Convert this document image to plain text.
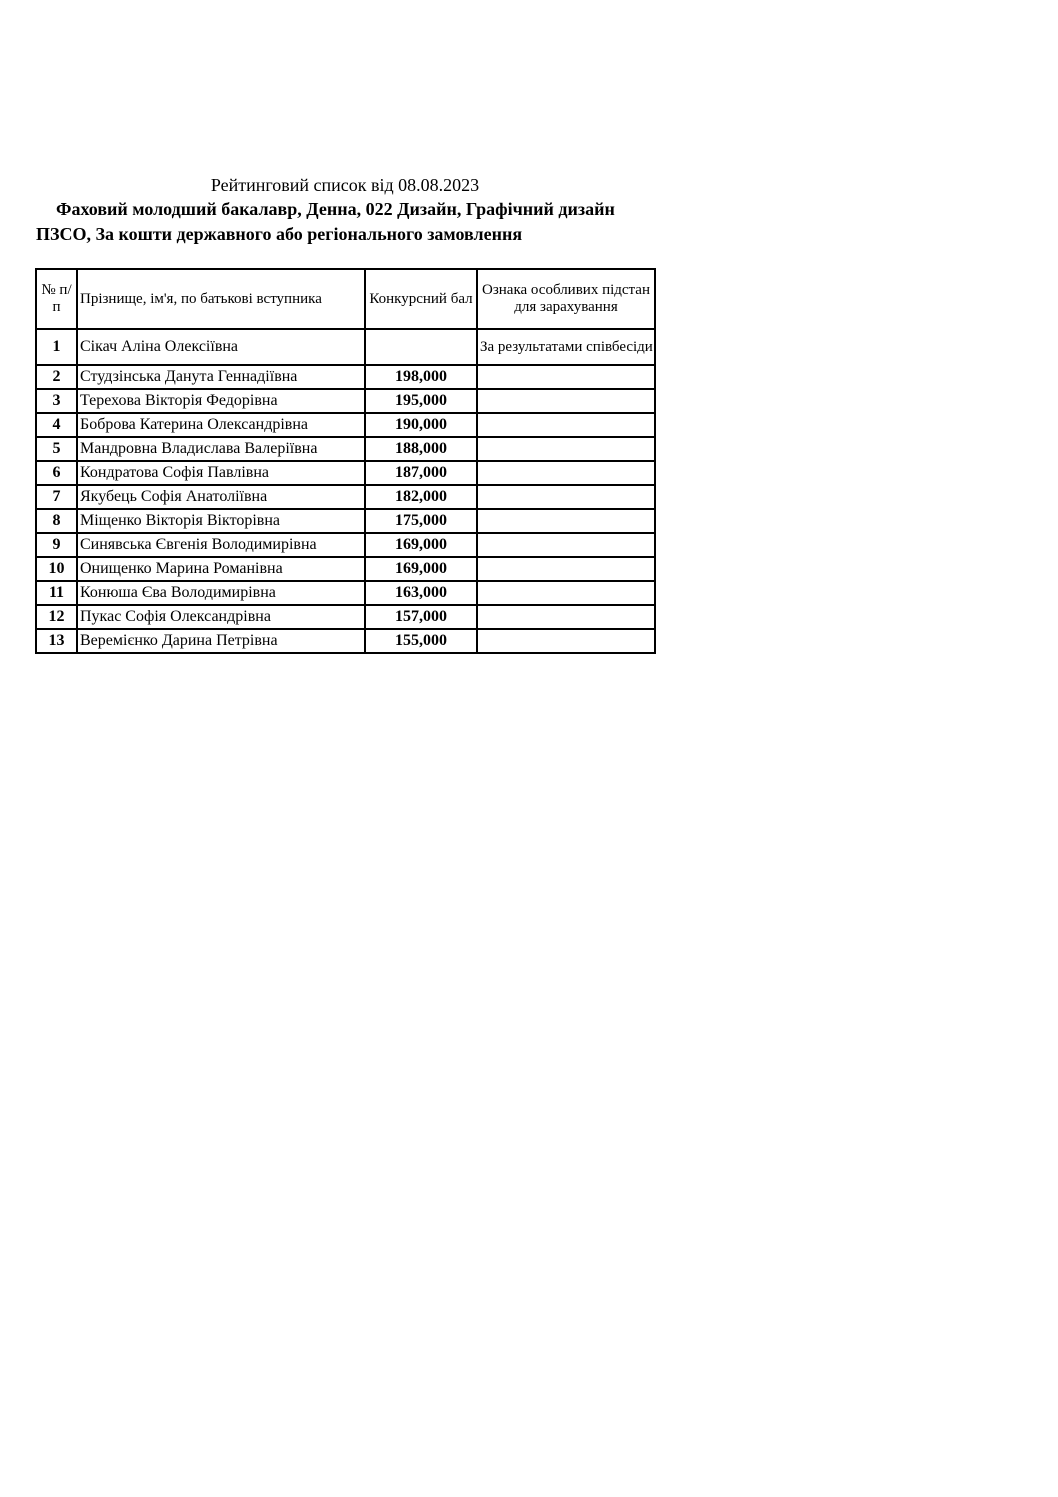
Рейтинговий список від 08.08.2023
Фаховий молодший бакалавр, Денна, 022 Дизайн, Графічний дизайн ПЗСО, За кошти державного або регіонального замовлення
№ п/п	Прізнище, ім'я, по батькові вступника	Конкурсний бал	Ознака особливих підстан для зарахування
1	Сікач Аліна Олексіївна		За результатами співбесіди
2	Студзінська Данута Геннадіївна	198,000	
3	Терехова Вікторія Федорівна	195,000	
4	Боброва Катерина Олександрівна	190,000	
5	Мандровна Владислава Валеріївна	188,000	
6	Кондратова Софія Павлівна	187,000	
7	Якубець Софія Анатоліївна	182,000	
8	Міщенко Вікторія Вікторівна	175,000	
9	Синявська Євгенія Володимирівна	169,000	
10	Онищенко Марина Романівна	169,000	
11	Конюша Єва Володимирівна	163,000	
12	Пукас Софія Олександрівна	157,000	
13	Веремієнко Дарина Петрівна	155,000	
